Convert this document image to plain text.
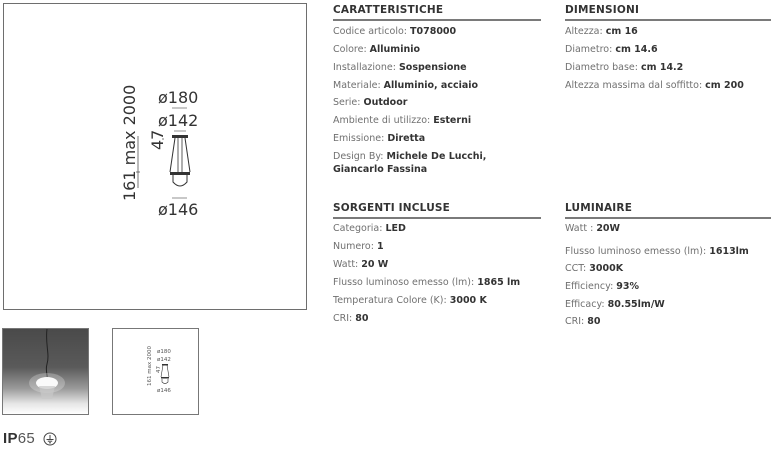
161 max 2000 47
ø180
ø142
ø146
161 max 2000 47
ø180
ø142
ø146
IP65
CARATTERISTICHE
Codice articolo: T078000
Colore: Alluminio
Installazione: Sospensione
Materiale: Alluminio, acciaio
Serie: Outdoor
Ambiente di utilizzo: Esterni
Emissione: Diretta
Design By: Michele De Lucchi, Giancarlo Fassina
DIMENSIONI
Altezza: cm 16
Diametro: cm 14.6
Diametro base: cm 14.2
Altezza massima dal soffitto: cm 200
SORGENTI INCLUSE
Categoria: LED
Numero: 1
Watt: 20 W
Flusso luminoso emesso (lm): 1865 lm
Temperatura Colore (K): 3000 K
CRI: 80
LUMINAIRE
Watt : 20W
Flusso luminoso emesso (lm): 1613lm
CCT: 3000K
Efficiency: 93%
Efficacy: 80.55lm/W
CRI: 80
